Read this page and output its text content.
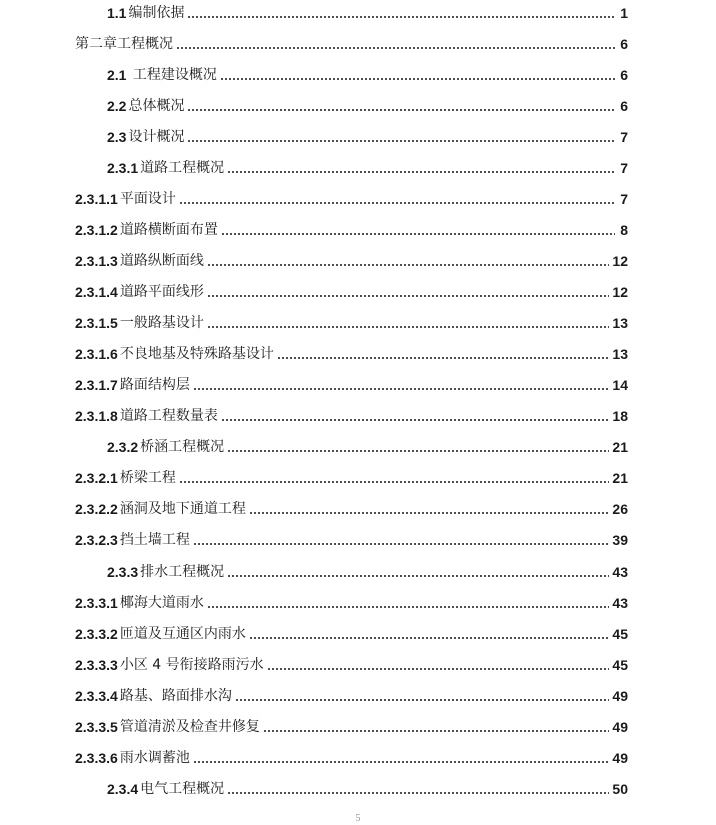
1.1 编制依据	1
第二章工程概况	6
2.1 工程建设概况	6
2.2 总体概况	6
2.3 设计概况	7
2.3.1 道路工程概况	7
2.3.1.1 平面设计	7
2.3.1.2 道路横断面布置	8
2.3.1.3 道路纵断面线	12
2.3.1.4 道路平面线形	12
2.3.1.5 一般路基设计	13
2.3.1.6 不良地基及特殊路基设计	13
2.3.1.7 路面结构层	14
2.3.1.8 道路工程数量表	18
2.3.2 桥涵工程概况	21
2.3.2.1 桥梁工程	21
2.3.2.2 涵洞及地下通道工程	26
2.3.2.3 挡土墙工程	39
2.3.3 排水工程概况	43
2.3.3.1 椰海大道雨水	43
2.3.3.2 匝道及互通区内雨水	45
2.3.3.3 小区 4 号衔接路雨污水	45
2.3.3.4 路基、路面排水沟	49
2.3.3.5 管道清淤及检查井修复	49
2.3.3.6 雨水调蓄池	49
2.3.4 电气工程概况	50
5
